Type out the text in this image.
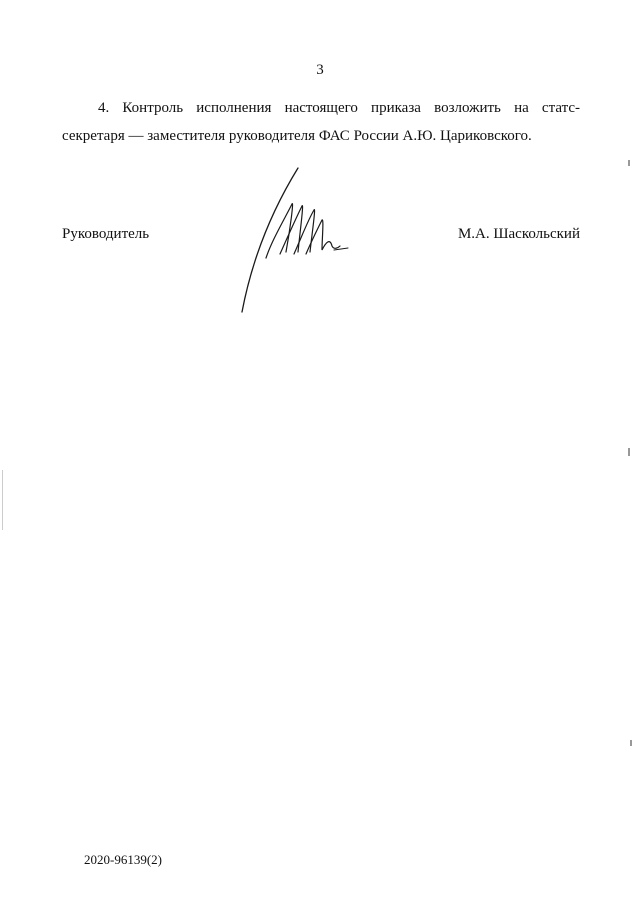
3
4. Контроль исполнения настоящего приказа возложить на статс-
секретаря — заместителя руководителя ФАС России А.Ю. Цариковского.
Руководитель	М.А. Шаскольский
2020-96139(2)
